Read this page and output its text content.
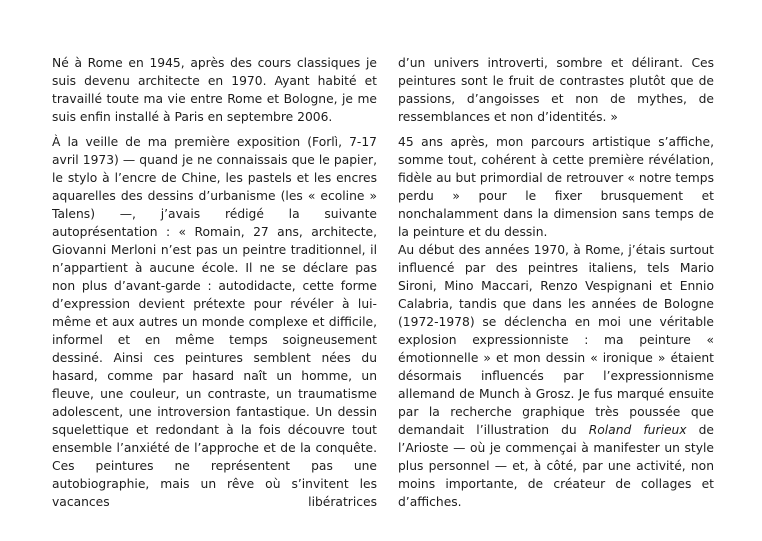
Né à Rome en 1945, après des cours classiques je suis devenu architecte en 1970. Ayant habité et travaillé toute ma vie entre Rome et Bologne, je me suis enfin installé à Paris en septembre 2006.

À la veille de ma première exposition (Forlì, 7-17 avril 1973) — quand je ne connaissais que le papier, le stylo à l’encre de Chine, les pastels et les encres aquarelles des dessins d’urbanisme (les « ecoline » Talens) —, j’avais rédigé la suivante autoprésentation : « Romain, 27 ans, architecte, Giovanni Merloni n’est pas un peintre traditionnel, il n’appartient à aucune école. Il ne se déclare pas non plus d’avant-garde : autodidacte, cette forme d’expression devient prétexte pour révéler à lui-même et aux autres un monde complexe et difficile, informel et en même temps soigneusement dessiné. Ainsi ces peintures semblent nées du hasard, comme par hasard naît un homme, un fleuve, une couleur, un contraste, un traumatisme adolescent, une introversion fantastique. Un dessin squelettique et redondant à la fois découvre tout ensemble l’anxiété de l’approche et de la conquête. Ces peintures ne représentent pas une autobiographie, mais un rêve où s’invitent les vacances libératrices

d’un univers introverti, sombre et délirant. Ces peintures sont le fruit de contrastes plutôt que de passions, d’angoisses et non de mythes, de ressemblances et non d’identités. »

45 ans après, mon parcours artistique s’affiche, somme tout, cohérent à cette première révélation, fidèle au but primordial de retrouver « notre temps perdu » pour le fixer brusquement et nonchalamment dans la dimension sans temps de la peinture et du dessin.

Au début des années 1970, à Rome, j’étais surtout influencé par des peintres italiens, tels Mario Sironi, Mino Maccari, Renzo Vespignani et Ennio Calabria, tandis que dans les années de Bologne (1972-1978) se déclencha en moi une véritable explosion expressionniste : ma peinture « émotionnelle » et mon dessin « ironique » étaient désormais influencés par l’expressionnisme allemand de Munch à Grosz. Je fus marqué ensuite par la recherche graphique très poussée que demandait l’illustration du Roland furieux de l’Arioste — où je commençai à manifester un style plus personnel — et, à côté, par une activité, non moins importante, de créateur de collages et d’affiches.
